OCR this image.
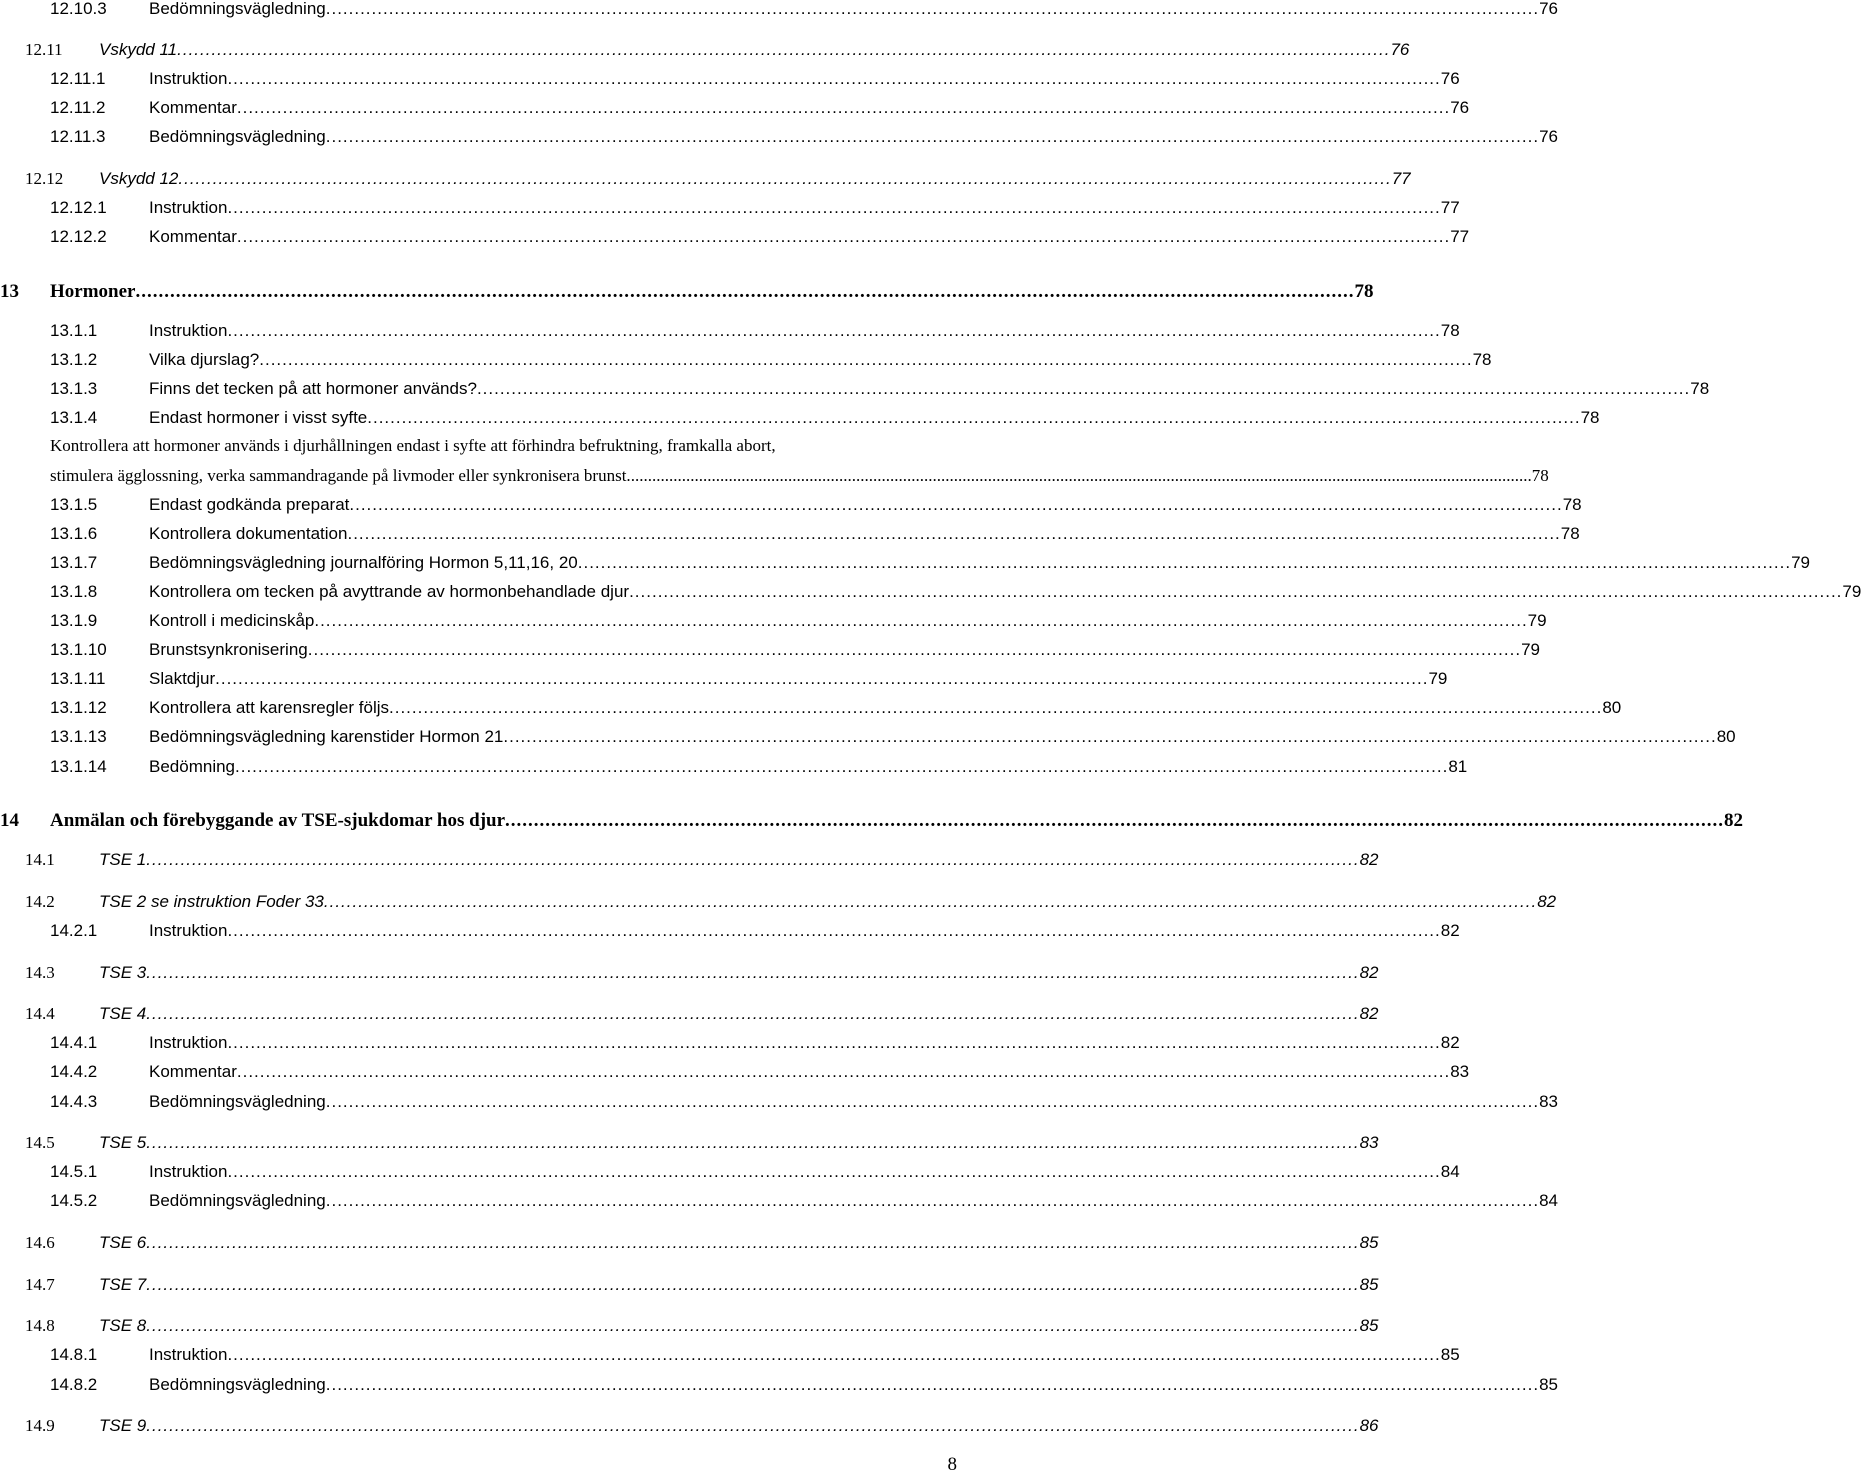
12.10.3 Bedömningsvägledning .................................................................................................................................................................................................................... 76
12.11 Vskydd 11 .................................................................................................................................................................................................................... 76
12.11.1	Instruktion .................................................................................................................................................................................................................... 76
12.11.2	Kommentar .................................................................................................................................................................................................................... 76
12.11.3	Bedömningsvägledning .................................................................................................................................................................................................................... 76
12.12 Vskydd 12 .................................................................................................................................................................................................................... 77
12.12.1 Instruktion .................................................................................................................................................................................................................... 77
12.12.2 Kommentar .................................................................................................................................................................................................................... 77
13 Hormoner .................................................................................................................................................................................................................... 78
13.1.1	Instruktion .................................................................................................................................................................................................................... 78
13.1.2	Vilka djurslag? .................................................................................................................................................................................................................... 78
13.1.3	Finns det tecken på att hormoner används? .................................................................................................................................................................................................................... 78
13.1.4	Endast hormoner i visst syfte .................................................................................................................................................................................................................... 78
Kontrollera att hormoner används i djurhållningen endast i syfte att förhindra befruktning, framkalla abort,
stimulera ägglossning, verka sammandragande på livmoder eller synkronisera brunst. .................................................................................................................................................................................................................... 78
13.1.5	Endast godkända preparat .................................................................................................................................................................................................................... 78
13.1.6	Kontrollera dokumentation .................................................................................................................................................................................................................... 78
13.1.7	Bedömningsvägledning journalföring Hormon 5,11,16, 20 .................................................................................................................................................................................................................... 79
13.1.8	Kontrollera om tecken på avyttrande av hormonbehandlade djur .................................................................................................................................................................................................................... 79
13.1.9	Kontroll i medicinskåp .................................................................................................................................................................................................................... 79
13.1.10 Brunstsynkronisering .................................................................................................................................................................................................................... 79
13.1.11	Slaktdjur .................................................................................................................................................................................................................... 79
13.1.12 Kontrollera att karensregler följs .................................................................................................................................................................................................................... 80
13.1.13 Bedömningsvägledning karenstider Hormon 21 .................................................................................................................................................................................................................... 80
13.1.14 Bedömning .................................................................................................................................................................................................................... 81
14 Anmälan och förebyggande av TSE-sjukdomar hos djur .................................................................................................................................................................................................................... 82
14.1	TSE 1 .................................................................................................................................................................................................................... 82
14.2	TSE 2 se instruktion Foder 33 .................................................................................................................................................................................................................... 82
14.2.1	Instruktion .................................................................................................................................................................................................................... 82
14.3	TSE 3 .................................................................................................................................................................................................................... 82
14.4	TSE 4 .................................................................................................................................................................................................................... 82
14.4.1	Instruktion .................................................................................................................................................................................................................... 82
14.4.2	Kommentar .................................................................................................................................................................................................................... 83
14.4.3	Bedömningsvägledning .................................................................................................................................................................................................................... 83
14.5	TSE 5 .................................................................................................................................................................................................................... 83
14.5.1	Instruktion .................................................................................................................................................................................................................... 84
14.5.2	Bedömningsvägledning .................................................................................................................................................................................................................... 84
14.6	TSE 6 .................................................................................................................................................................................................................... 85
14.7	TSE 7 .................................................................................................................................................................................................................... 85
14.8	TSE 8 .................................................................................................................................................................................................................... 85
14.8.1	Instruktion .................................................................................................................................................................................................................... 85
14.8.2	Bedömningsvägledning .................................................................................................................................................................................................................... 85
14.9	TSE 9 .................................................................................................................................................................................................................... 86
8
